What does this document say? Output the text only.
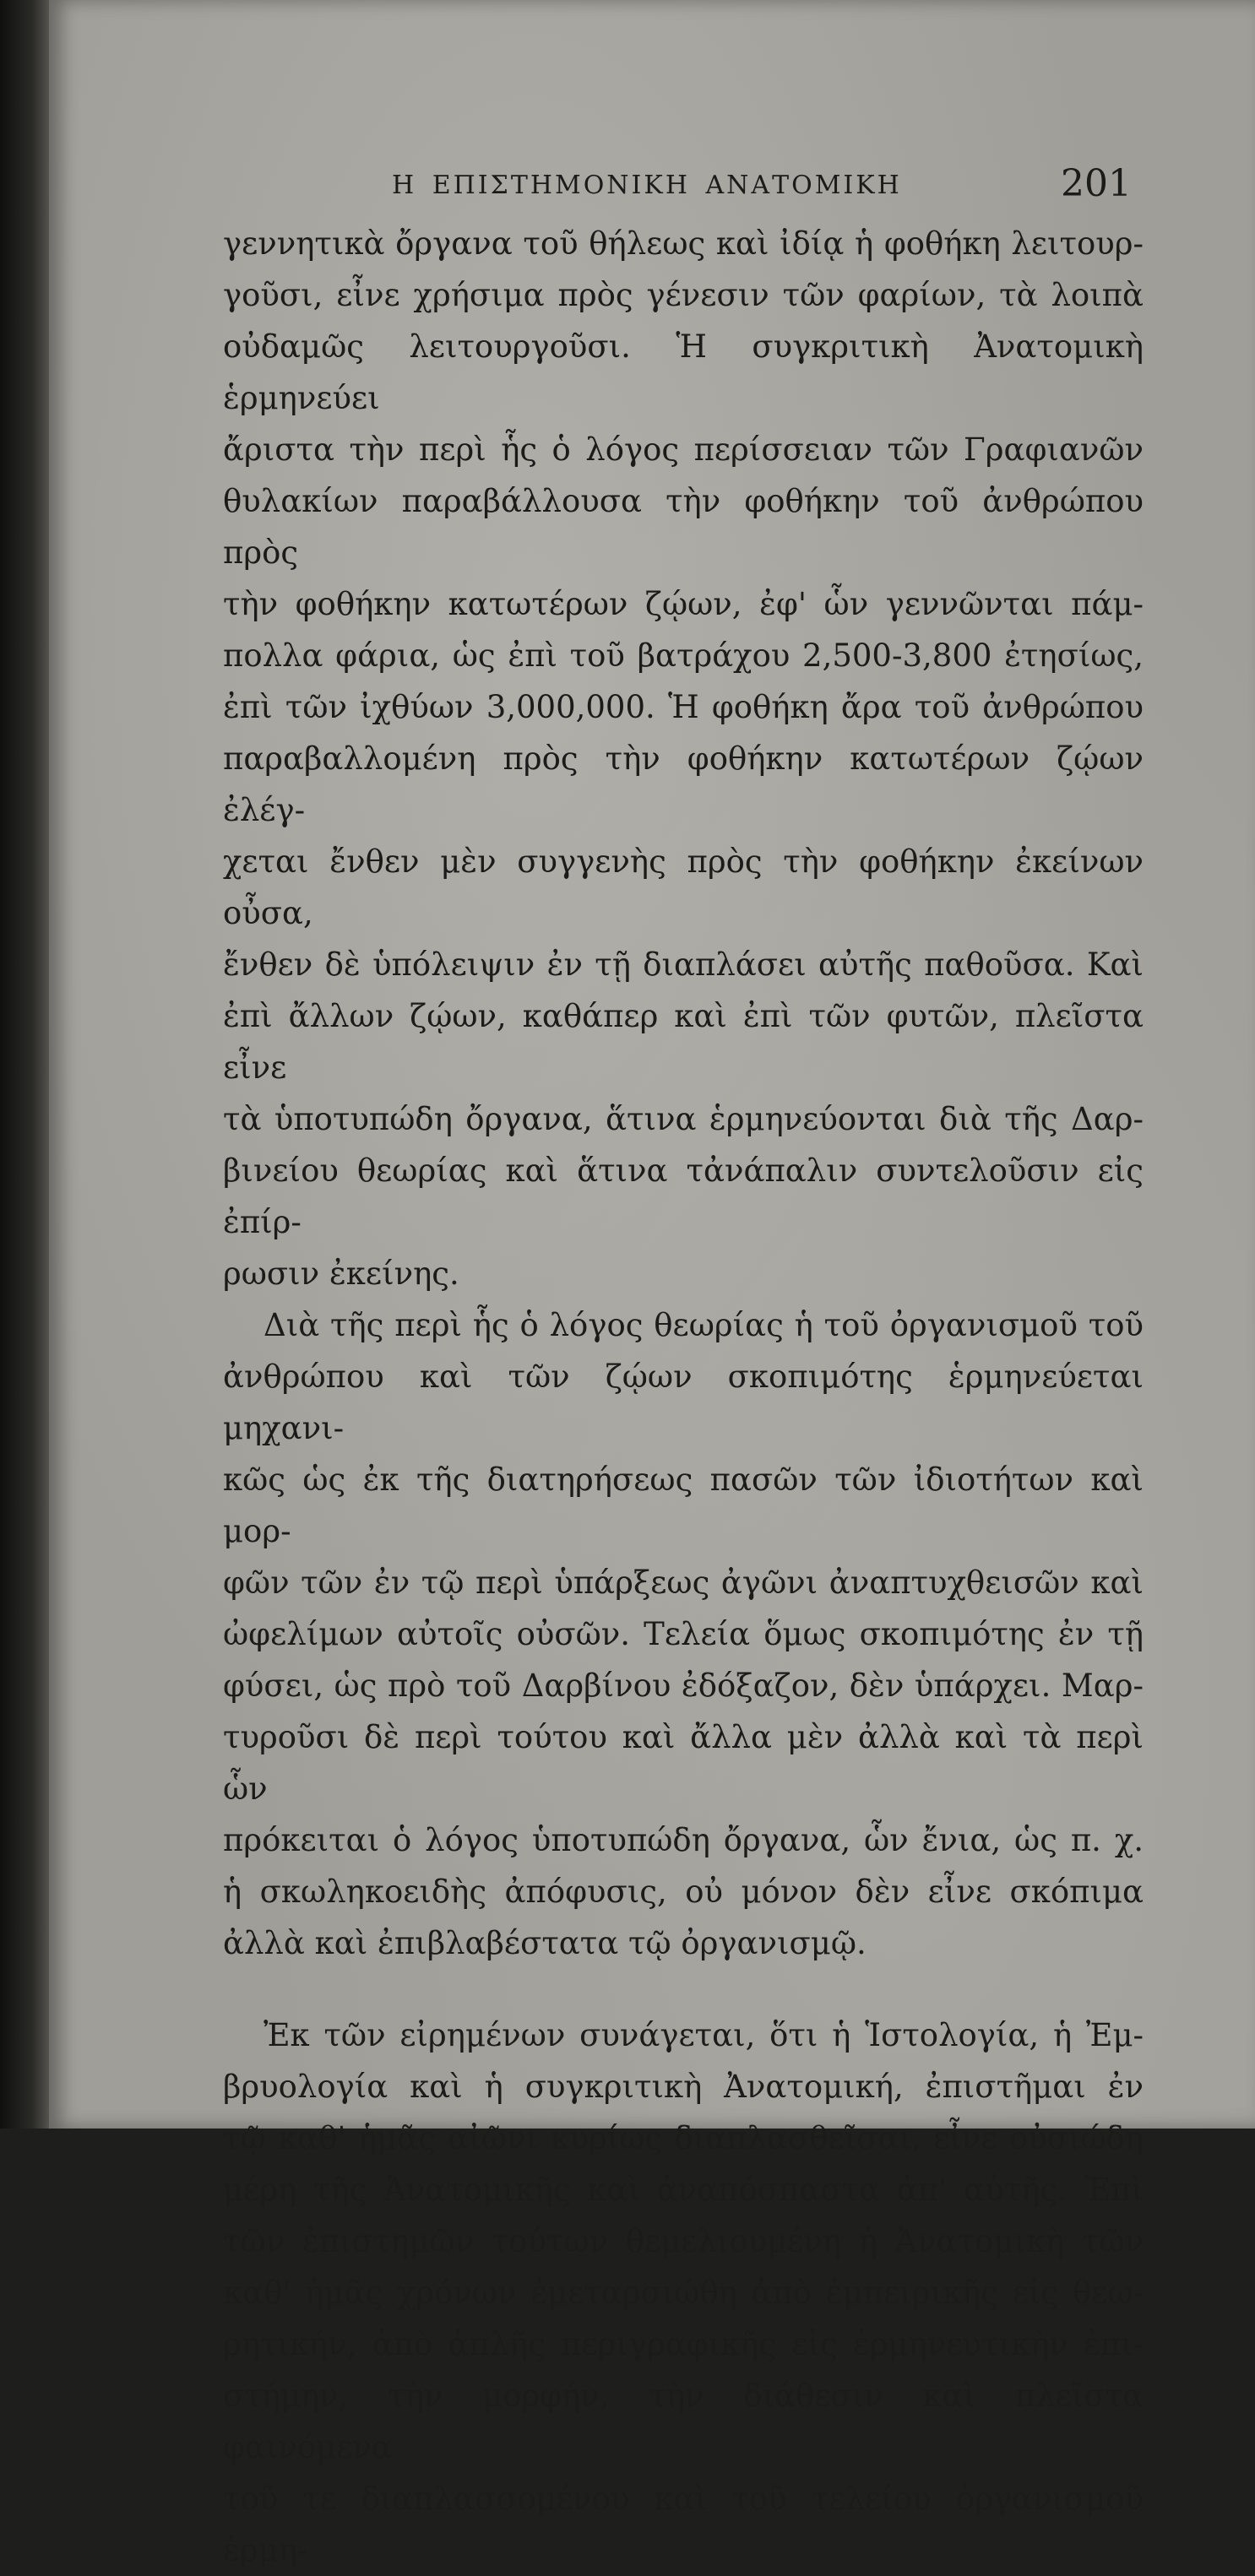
Η ΕΠΙΣΤΗΜΟΝΙΚΗ ΑΝΑΤΟΜΙΚΗ	201

γεννητικὰ ὄργανα τοῦ θήλεως καὶ ἰδίᾳ ἡ φοθήκη λειτουρ-
γοῦσι, εἶνε χρήσιμα πρὸς γένεσιν τῶν φαρίων, τὰ λοιπὰ
οὐδαμῶς λειτουργοῦσι. Ἡ συγκριτικὴ Ἀνατομικὴ ἑρμηνεύει
ἄριστα τὴν περὶ ἧς ὁ λόγος περίσσειαν τῶν Γραφιανῶν
θυλακίων παραβάλλουσα τὴν φοθήκην τοῦ ἀνθρώπου πρὸς
τὴν φοθήκην κατωτέρων ζῴων, ἐφ' ὧν γεννῶνται πάμ-
πολλα φάρια, ὡς ἐπὶ τοῦ βατράχου 2,500-3,800 ἐτησίως,
ἐπὶ τῶν ἰχθύων 3,000,000. Ἡ φοθήκη ἄρα τοῦ ἀνθρώπου
παραβαλλομένη πρὸς τὴν φοθήκην κατωτέρων ζῴων ἐλέγ-
χεται ἔνθεν μὲν συγγενὴς πρὸς τὴν φοθήκην ἐκείνων οὖσα,
ἔνθεν δὲ ὑπόλειψιν ἐν τῇ διαπλάσει αὐτῆς παθοῦσα. Καὶ
ἐπὶ ἄλλων ζῴων, καθάπερ καὶ ἐπὶ τῶν φυτῶν, πλεῖστα εἶνε
τὰ ὑποτυπώδη ὄργανα, ἅτινα ἑρμηνεύονται διὰ τῆς Δαρ-
βινείου θεωρίας καὶ ἅτινα τἀνάπαλιν συντελοῦσιν εἰς ἐπίρ-
ρωσιν ἐκείνης.

Διὰ τῆς περὶ ἧς ὁ λόγος θεωρίας ἡ τοῦ ὀργανισμοῦ τοῦ
ἀνθρώπου καὶ τῶν ζῴων σκοπιμότης ἑρμηνεύεται μηχανι-
κῶς ὡς ἐκ τῆς διατηρήσεως πασῶν τῶν ἰδιοτήτων καὶ μορ-
φῶν τῶν ἐν τῷ περὶ ὑπάρξεως ἀγῶνι ἀναπτυχθεισῶν καὶ
ὠφελίμων αὐτοῖς οὐσῶν. Τελεία ὅμως σκοπιμότης ἐν τῇ
φύσει, ὡς πρὸ τοῦ Δαρβίνου ἐδόξαζον, δὲν ὑπάρχει. Μαρ-
τυροῦσι δὲ περὶ τούτου καὶ ἄλλα μὲν ἀλλὰ καὶ τὰ περὶ ὧν
πρόκειται ὁ λόγος ὑποτυπώδη ὄργανα, ὧν ἔνια, ὡς π. χ.
ἡ σκωληκοειδὴς ἀπόφυσις, οὐ μόνον δὲν εἶνε σκόπιμα
ἀλλὰ καὶ ἐπιβλαβέστατα τῷ ὀργανισμῷ.

Ἐκ τῶν εἰρημένων συνάγεται, ὅτι ἡ Ἱστολογία, ἡ Ἐμ-
βρυολογία καὶ ἡ συγκριτικὴ Ἀνατομική, ἐπιστῆμαι ἐν
τῷ καθ' ἡμᾶς αἰῶνι κυρίως διαπλασθεῖσαι, εἶνε οὐσιώδη
μέρη τῆς Ἀνατομικῆς καὶ ἀναπόσπαστα ἀπ' αὐτῆς. Ἐπὶ
τῶν ἐπιστημῶν τούτων θεμελιουμένη ἡ Ἀνατομικὴ τῶν
καθ' ἡμᾶς χρόνων ἐμεταρσιώθη ἀπὸ ἐμπειρικῆς εἰς θεω-
ρητικήν, ἀπὸ ἁπλῆς περιγραφικῆς εἰς ἑρμηνευτικὴν ἐπι-
στήμην, τὴν μορφήν, τὴν διάθεσιν καὶ πλεῖστα φαινόμενα
τοῦ τε διαπλασσομένου καὶ τοῦ τελείου ὀργανισμοῦ ἑρμη-
